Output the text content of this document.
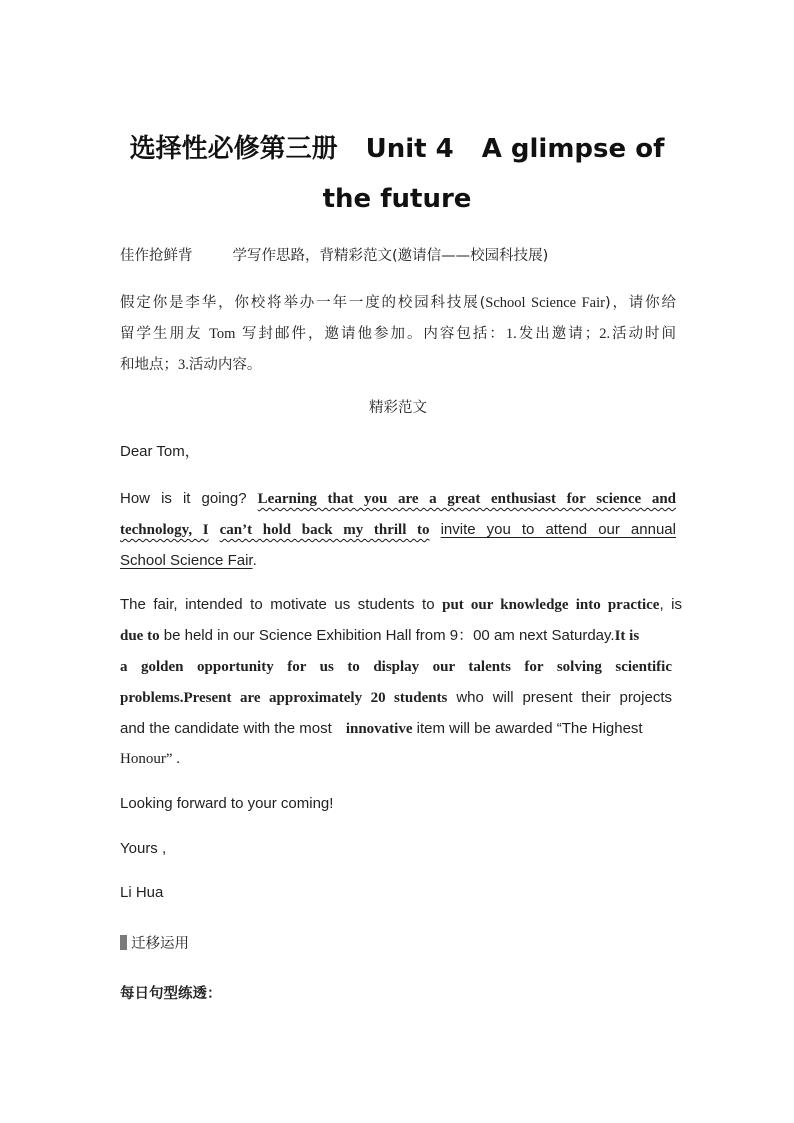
选择性必修第三册 Unit 4 A glimpse of
the future
佳作抢鲜背	学写作思路，背精彩范文(邀请信——校园科技展)
假定你是李华，你校将举办一年一度的校园科技展(School Science Fair)，请你给
留学生朋友 Tom 写封邮件，邀请他参加。内容包括：1.发出邀请；2.活动时间
和地点；3.活动内容。
精彩范文
Dear Tom，
How is it going? Learning that you are a great enthusiast for science and
technology, I can’t hold back my thrill to invite you to attend our annual
School Science Fair.
The fair, intended to motivate us students to put our knowledge into practice, is
due to be held in our Science Exhibition Hall from 9：00 am next Saturday.It is
a golden opportunity for us to display our talents for solving scientific
problems.Present are approximately 20 students who will present their projects
and the candidate with the most innovative item will be awarded “The Highest
Honour” .
Looking forward to your coming!
Yours ,
Li Hua
迁移运用
每日句型练透：
